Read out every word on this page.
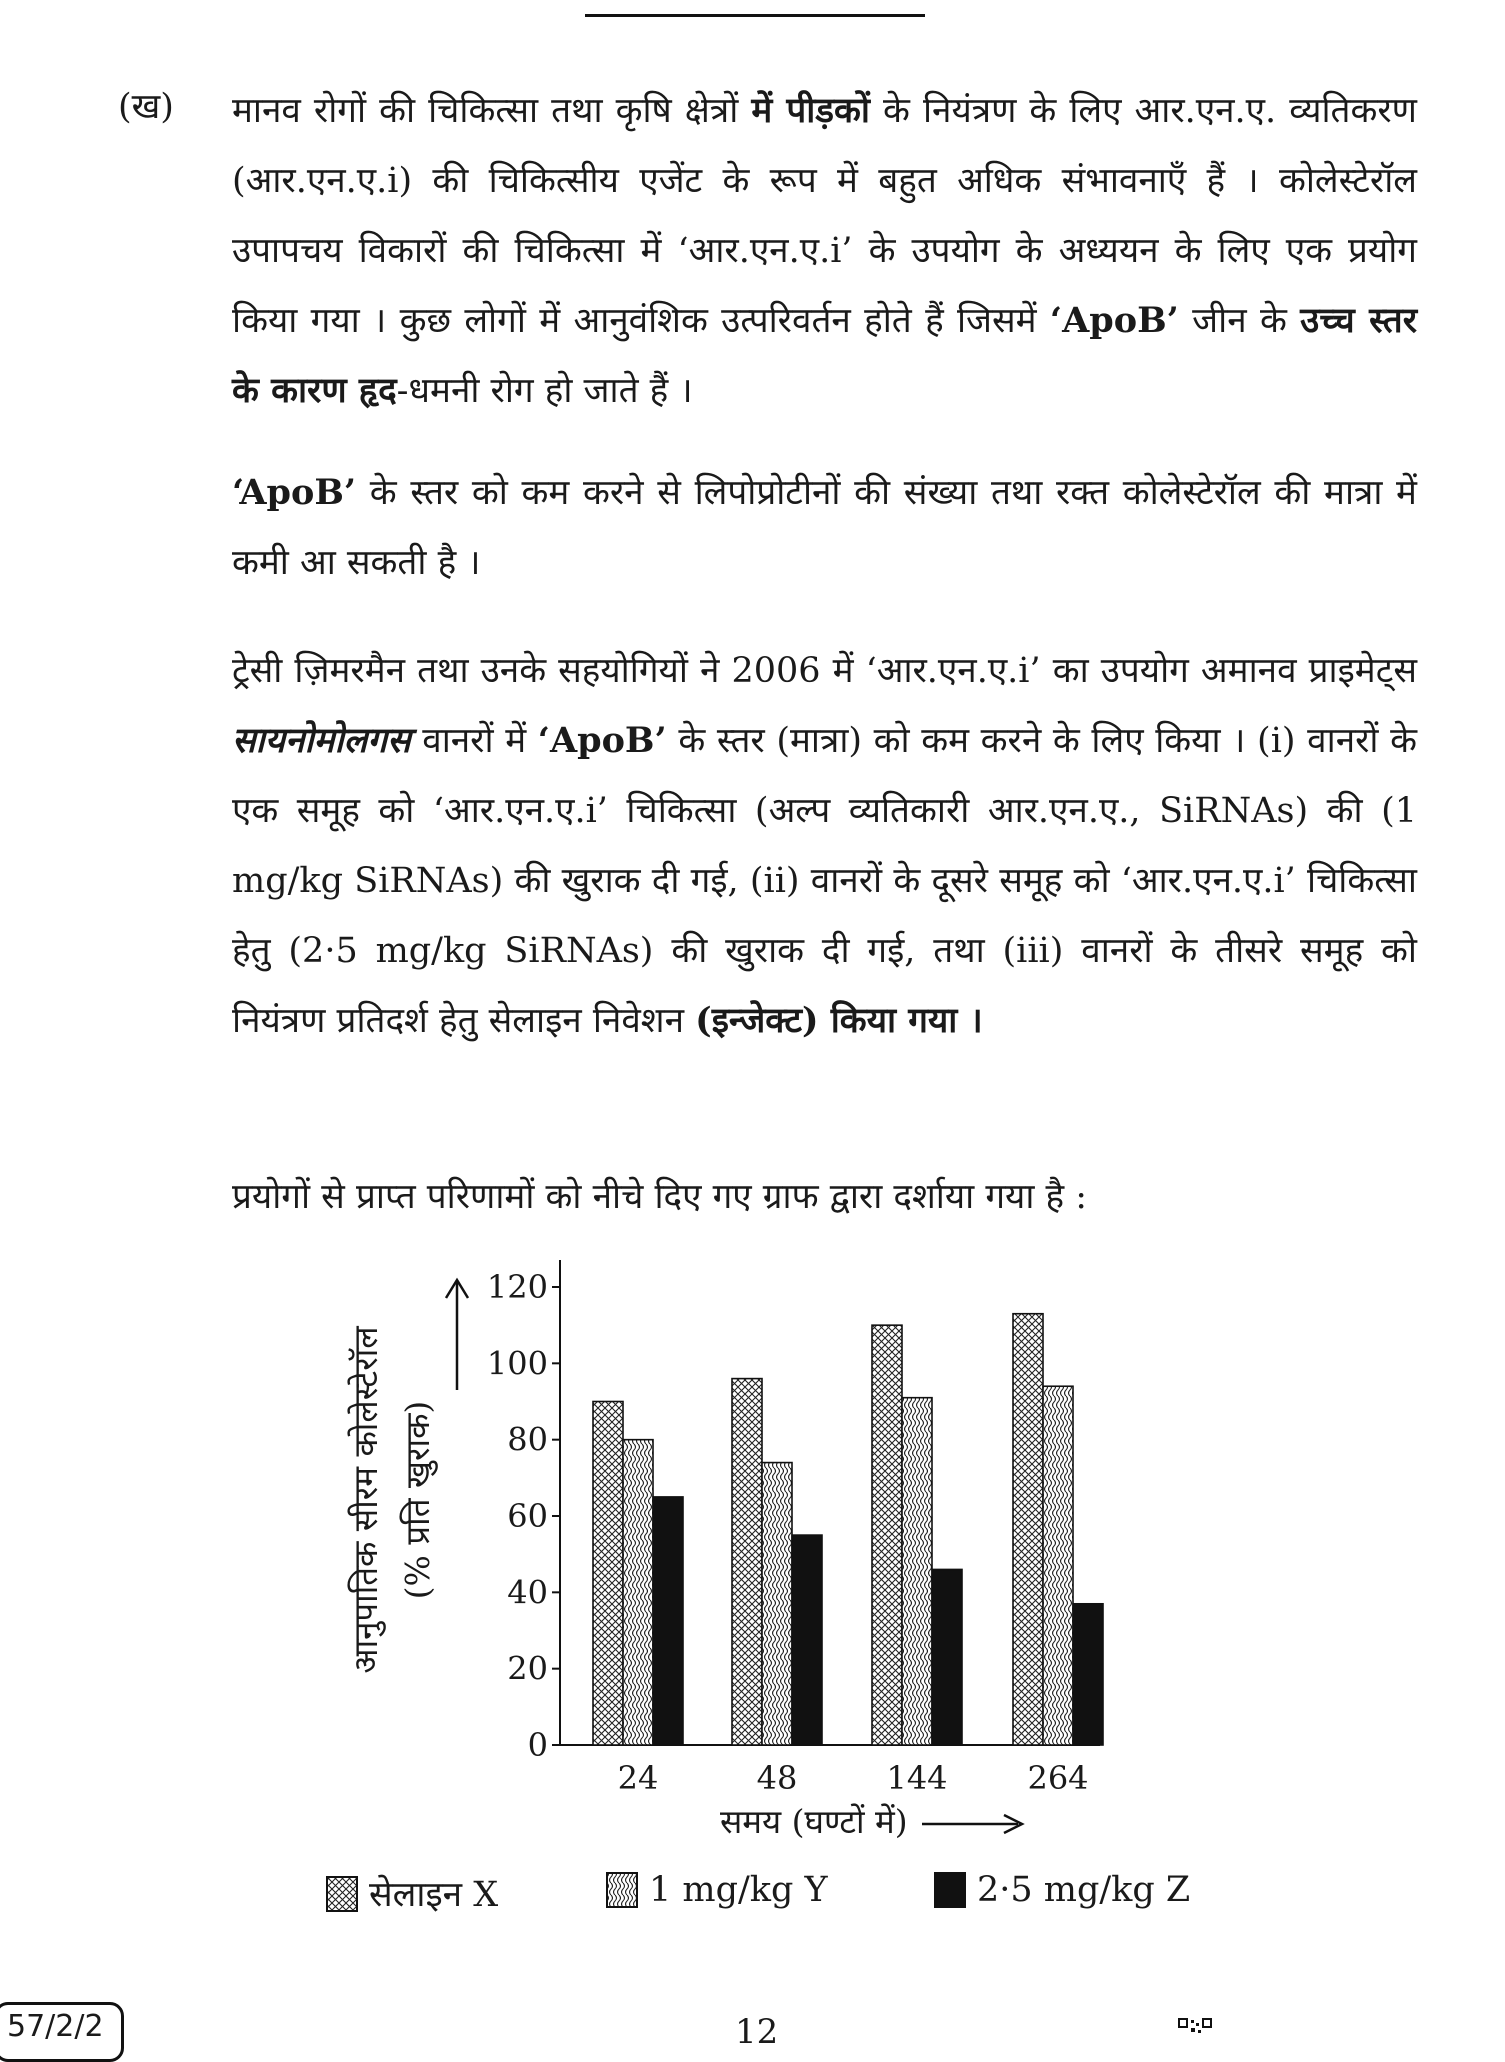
(ख) मानव रोगों की चिकित्सा तथा कृषि क्षेत्रों में पीड़कों के नियंत्रण के लिए आर.एन.ए. व्यतिकरण (आर.एन.ए.i) की चिकित्सीय एजेंट के रूप में बहुत अधिक संभावनाएँ हैं । कोलेस्टेरॉल उपापचय विकारों की चिकित्सा में ‘आर.एन.ए.i’ के उपयोग के अध्ययन के लिए एक प्रयोग किया गया । कुछ लोगों में आनुवंशिक उत्परिवर्तन होते हैं जिसमें ‘ApoB’ जीन के उच्च स्तर के कारण हृद-धमनी रोग हो जाते हैं ।

‘ApoB’ के स्तर को कम करने से लिपोप्रोटीनों की संख्या तथा रक्त कोलेस्टेरॉल की मात्रा में कमी आ सकती है ।

ट्रेसी ज़िमरमैन तथा उनके सहयोगियों ने 2006 में ‘आर.एन.ए.i’ का उपयोग अमानव प्राइमेट्स सायनोमोलगस वानरों में ‘ApoB’ के स्तर (मात्रा) को कम करने के लिए किया । (i) वानरों के एक समूह को ‘आर.एन.ए.i’ चिकित्सा (अल्प व्यतिकारी आर.एन.ए., SiRNAs) की (1 mg/kg SiRNAs) की खुराक दी गई, (ii) वानरों के दूसरे समूह को ‘आर.एन.ए.i’ चिकित्सा हेतु (2·5 mg/kg SiRNAs) की खुराक दी गई, तथा (iii) वानरों के तीसरे समूह को नियंत्रण प्रतिदर्श हेतु सेलाइन निवेशन (इन्जेक्ट) किया गया ।

प्रयोगों से प्राप्त परिणामों को नीचे दिए गए ग्राफ द्वारा दर्शाया गया है :

0
20
40
60
80
100
120
24	48	144 264
आनुपातिक सीरम कोलेस्टेरॉल (% प्रति खुराक)
समय (घण्टों में)
सेलाइन X	1 mg/kg Y	2·5 mg/kg Z
57/2/2	12
